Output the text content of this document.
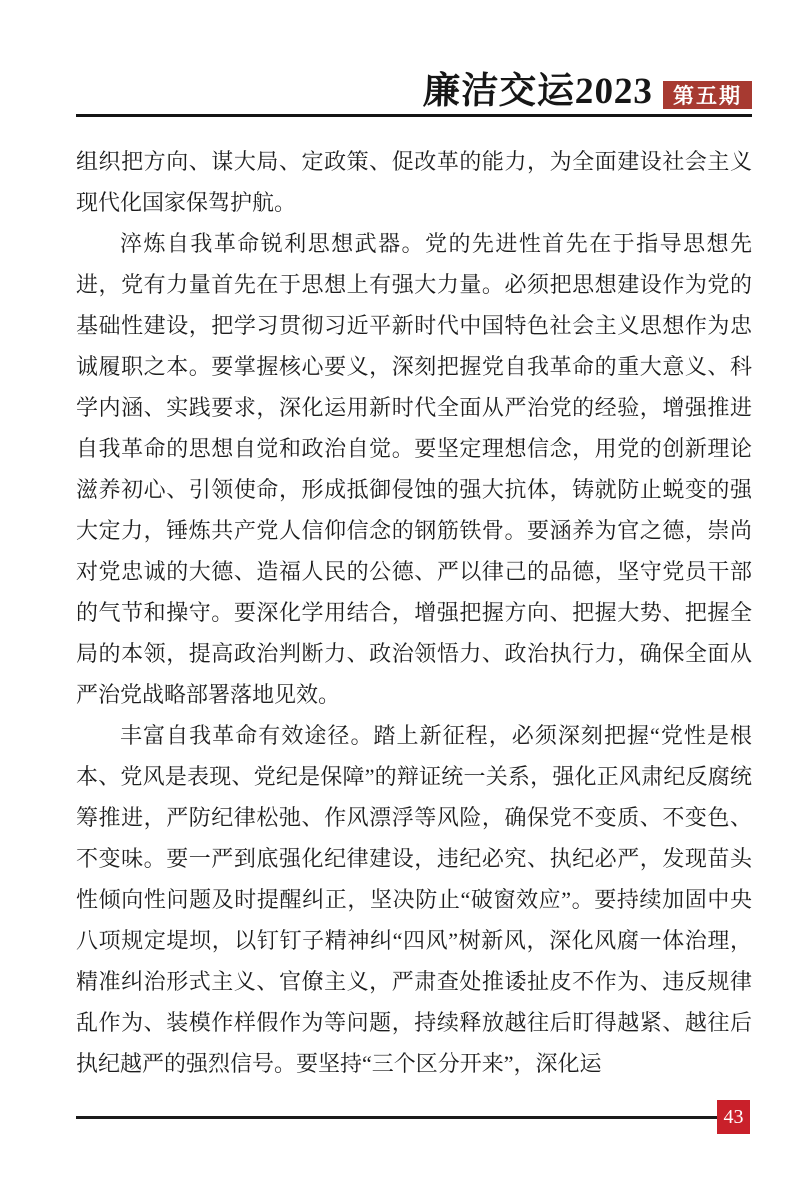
廉洁交运2023 第五期

组织把方向、谋大局、定政策、促改革的能力，为全面建设社会主义现代化国家保驾护航。

淬炼自我革命锐利思想武器。党的先进性首先在于指导思想先进，党有力量首先在于思想上有强大力量。必须把思想建设作为党的基础性建设，把学习贯彻习近平新时代中国特色社会主义思想作为忠诚履职之本。要掌握核心要义，深刻把握党自我革命的重大意义、科学内涵、实践要求，深化运用新时代全面从严治党的经验，增强推进自我革命的思想自觉和政治自觉。要坚定理想信念，用党的创新理论滋养初心、引领使命，形成抵御侵蚀的强大抗体，铸就防止蜕变的强大定力，锤炼共产党人信仰信念的钢筋铁骨。要涵养为官之德，崇尚对党忠诚的大德、造福人民的公德、严以律己的品德，坚守党员干部的气节和操守。要深化学用结合，增强把握方向、把握大势、把握全局的本领，提高政治判断力、政治领悟力、政治执行力，确保全面从严治党战略部署落地见效。

丰富自我革命有效途径。踏上新征程，必须深刻把握“党性是根本、党风是表现、党纪是保障”的辩证统一关系，强化正风肃纪反腐统筹推进，严防纪律松弛、作风漂浮等风险，确保党不变质、不变色、不变味。要一严到底强化纪律建设，违纪必究、执纪必严，发现苗头性倾向性问题及时提醒纠正，坚决防止“破窗效应”。要持续加固中央八项规定堤坝，以钉钉子精神纠“四风”树新风，深化风腐一体治理，精准纠治形式主义、官僚主义，严肃查处推诿扯皮不作为、违反规律乱作为、装模作样假作为等问题，持续释放越往后盯得越紧、越往后执纪越严的强烈信号。要坚持“三个区分开来”，深化运

43
